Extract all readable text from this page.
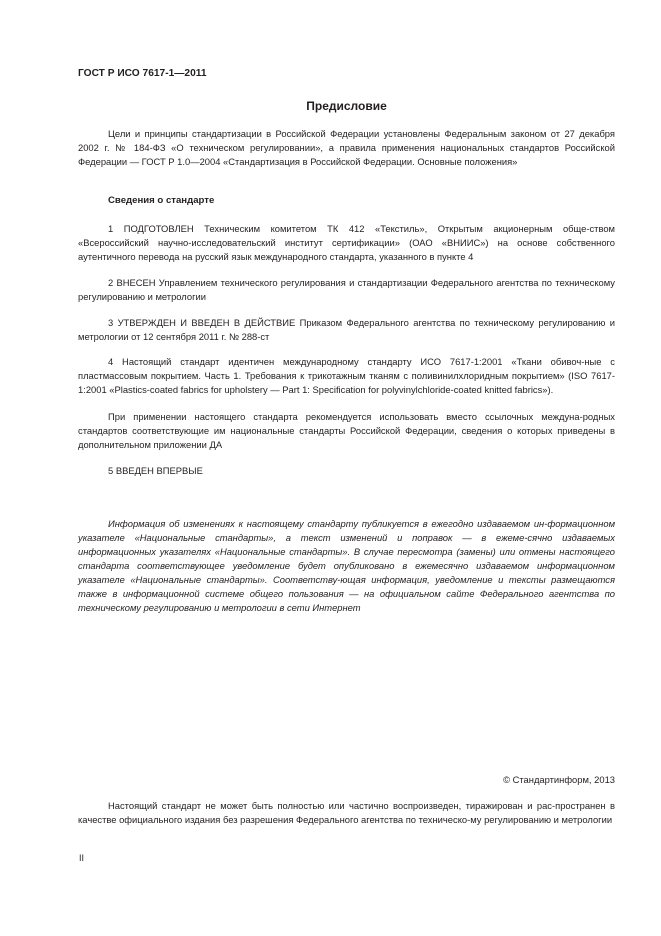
ГОСТ Р ИСО 7617-1—2011
Предисловие

Цели и принципы стандартизации в Российской Федерации установлены Федеральным законом от 27 декабря 2002 г. № 184-ФЗ «О техническом регулировании», а правила применения национальных стандартов Российской Федерации — ГОСТ Р 1.0—2004 «Стандартизация в Российской Федерации. Основные положения»

Сведения о стандарте

1 ПОДГОТОВЛЕН Техническим комитетом ТК 412 «Текстиль», Открытым акционерным обще-ством «Всероссийский научно-исследовательский институт сертификации» (ОАО «ВНИИС») на основе собственного аутентичного перевода на русский язык международного стандарта, указанного в пункте 4

2 ВНЕСЕН Управлением технического регулирования и стандартизации Федерального агентства по техническому регулированию и метрологии

3 УТВЕРЖДЕН И ВВЕДЕН В ДЕЙСТВИЕ Приказом Федерального агентства по техническому регулированию и метрологии от 12 сентября 2011 г. № 288-ст

4 Настоящий стандарт идентичен международному стандарту ИСО 7617-1:2001 «Ткани обивоч-ные с пластмассовым покрытием. Часть 1. Требования к трикотажным тканям с поливинилхлоридным покрытием» (ISO 7617-1:2001 «Plastics-coated fabrics for upholstery — Part 1: Specification for polyvinylchloride-coated knitted fabrics»).

При применении настоящего стандарта рекомендуется использовать вместо ссылочных междуна-родных стандартов соответствующие им национальные стандарты Российской Федерации, сведения о которых приведены в дополнительном приложении ДА

5 ВВЕДЕН ВПЕРВЫЕ

Информация об изменениях к настоящему стандарту публикуется в ежегодно издаваемом ин-формационном указателе «Национальные стандарты», а текст изменений и поправок — в ежеме-сячно издаваемых информационных указателях «Национальные стандарты». В случае пересмотра (замены) или отмены настоящего стандарта соответствующее уведомление будет опубликовано в ежемесячно издаваемом информационном указателе «Национальные стандарты». Соответству-ющая информация, уведомление и тексты размещаются также в информационной системе общего пользования — на официальном сайте Федерального агентства по техническому регулированию и метрологии в сети Интернет

© Стандартинформ, 2013

Настоящий стандарт не может быть полностью или частично воспроизведен, тиражирован и рас-пространен в качестве официального издания без разрешения Федерального агентства по техническо-му регулированию и метрологии

II
